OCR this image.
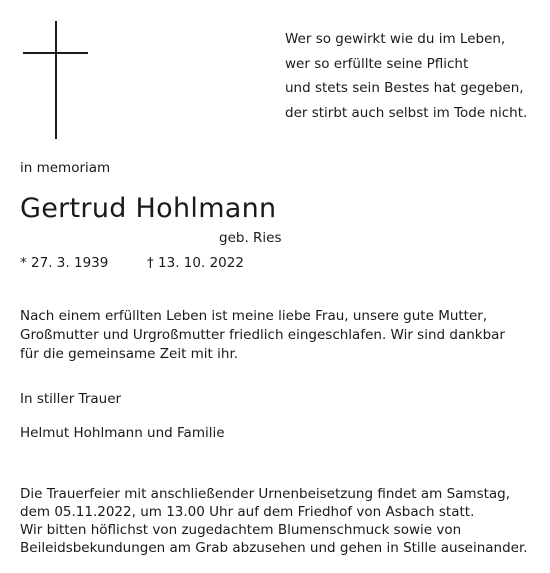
Wer so gewirkt wie du im Leben,
wer so erfüllte seine Pflicht
und stets sein Bestes hat gegeben,
der stirbt auch selbst im Tode nicht.
in memoriam
Gertrud Hohlmann
geb. Ries
* 27. 3. 1939	† 13. 10. 2022
Nach einem erfüllten Leben ist meine liebe Frau, unsere gute Mutter,
Großmutter und Urgroßmutter friedlich eingeschlafen. Wir sind dankbar
für die gemeinsame Zeit mit ihr.
In stiller Trauer
Helmut Hohlmann und Familie
Die Trauerfeier mit anschließender Urnenbeisetzung findet am Samstag,
dem 05.11.2022, um 13.00 Uhr auf dem Friedhof von Asbach statt.
Wir bitten höflichst von zugedachtem Blumenschmuck sowie von
Beileidsbekundungen am Grab abzusehen und gehen in Stille auseinander.
